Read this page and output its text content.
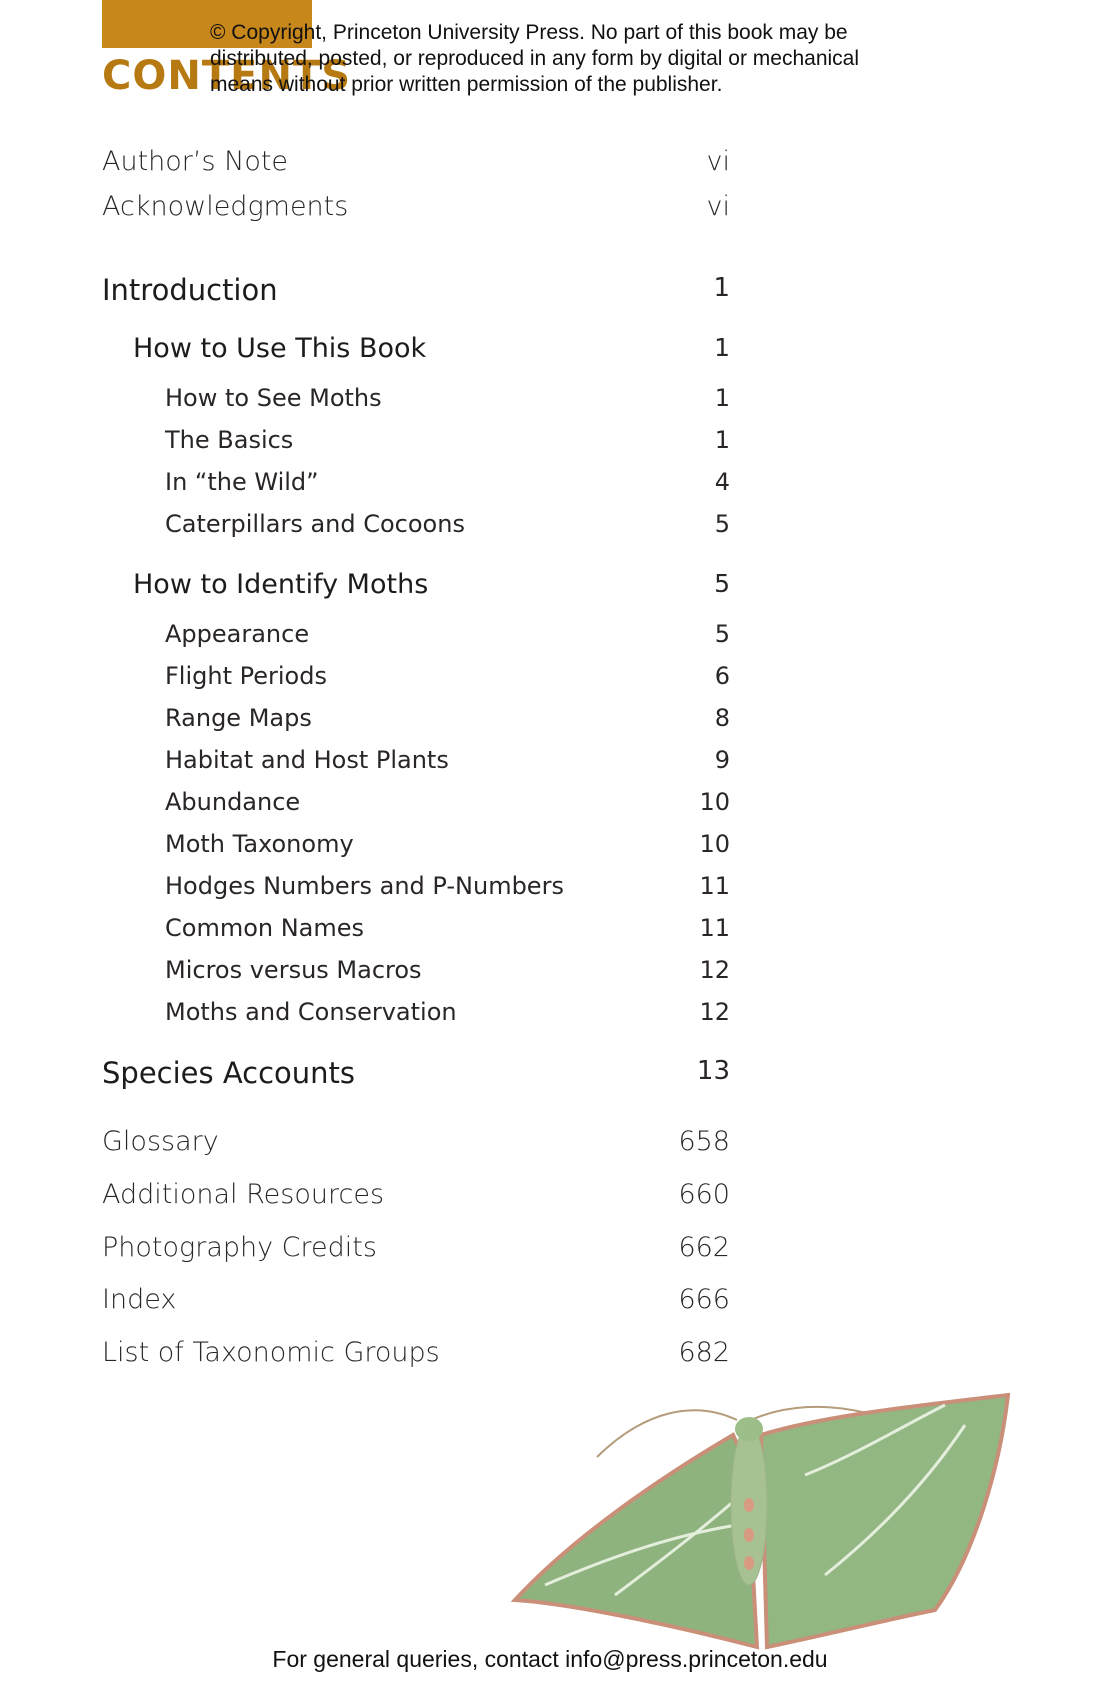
CONTENTS
© Copyright, Princeton University Press. No part of this book may be distributed, posted, or reproduced in any form by digital or mechanical means without prior written permission of the publisher.
Author’s Note	vi
Acknowledgments	vi
Introduction	1
How to Use This Book	1
How to See Moths	1
The Basics	1
In “the Wild”	4
Caterpillars and Cocoons	5
How to Identify Moths	5
Appearance	5
Flight Periods	6
Range Maps	8
Habitat and Host Plants	9
Abundance	10
Moth Taxonomy	10
Hodges Numbers and P-Numbers	11
Common Names	11
Micros versus Macros	12
Moths and Conservation	12
Species Accounts	13
Glossary	658
Additional Resources	660
Photography Credits	662
Index	666
List of Taxonomic Groups	682
For general queries, contact info@press.princeton.edu
